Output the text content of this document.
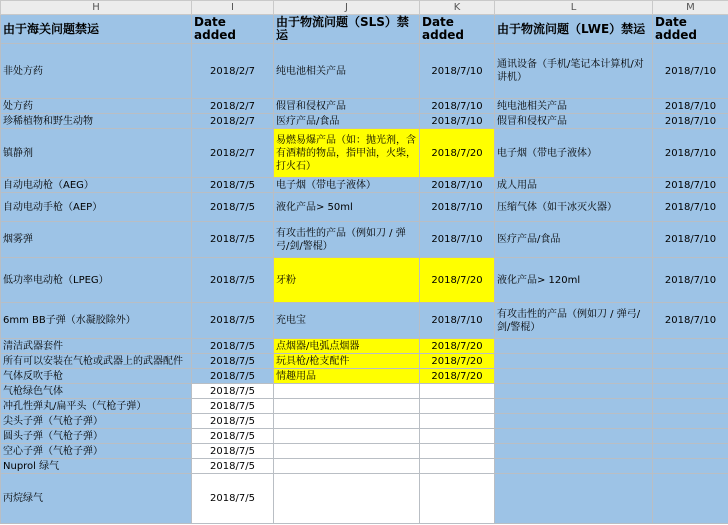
H	I	J	K	L	M
由于海关问题禁运	Date added	由于物流问题（SLS）禁运	Date added	由于物流问题（LWE）禁运	Date added
非处方药	2018/2/7	纯电池相关产品	2018/7/10	通讯设备（手机/笔记本计算机/对讲机）	2018/7/10
处方药	2018/2/7	假冒和侵权产品	2018/7/10	纯电池相关产品	2018/7/10
珍稀植物和野生动物	2018/2/7	医疗产品/食品	2018/7/10	假冒和侵权产品	2018/7/10
镇静剂	2018/2/7	易燃易爆产品（如：抛光剂，含有酒精的物品，指甲油，火柴，打火石）	2018/7/20	电子烟（带电子液体）	2018/7/10
自动电动枪（AEG）	2018/7/5	电子烟（带电子液体）	2018/7/10	成人用品	2018/7/10
自动电动手枪（AEP）	2018/7/5	液化产品> 50ml	2018/7/10	压缩气体（如干冰灭火器）	2018/7/10
烟雾弹	2018/7/5	有攻击性的产品（例如刀 / 弹弓/剑/警棍）	2018/7/10	医疗产品/食品	2018/7/10
低功率电动枪（LPEG）	2018/7/5	牙粉	2018/7/20	液化产品> 120ml	2018/7/10
6mm BB子弹（水凝胶除外）	2018/7/5	充电宝	2018/7/10	有攻击性的产品（例如刀 / 弹弓/剑/警棍）	2018/7/10
清洁武器套件	2018/7/5	点烟器/电弧点烟器	2018/7/20		
所有可以安装在气枪或武器上的武器配件	2018/7/5	玩具枪/枪支配件	2018/7/20		
气体反吹手枪	2018/7/5	情趣用品	2018/7/20		
气枪绿色气体	2018/7/5				
冲孔性弹丸/扁平头（气枪子弹）	2018/7/5				
尖头子弹（气枪子弹）	2018/7/5				
圆头子弹（气枪子弹）	2018/7/5				
空心子弹（气枪子弹）	2018/7/5				
Nuprol 绿气	2018/7/5				
丙烷绿气	2018/7/5				
